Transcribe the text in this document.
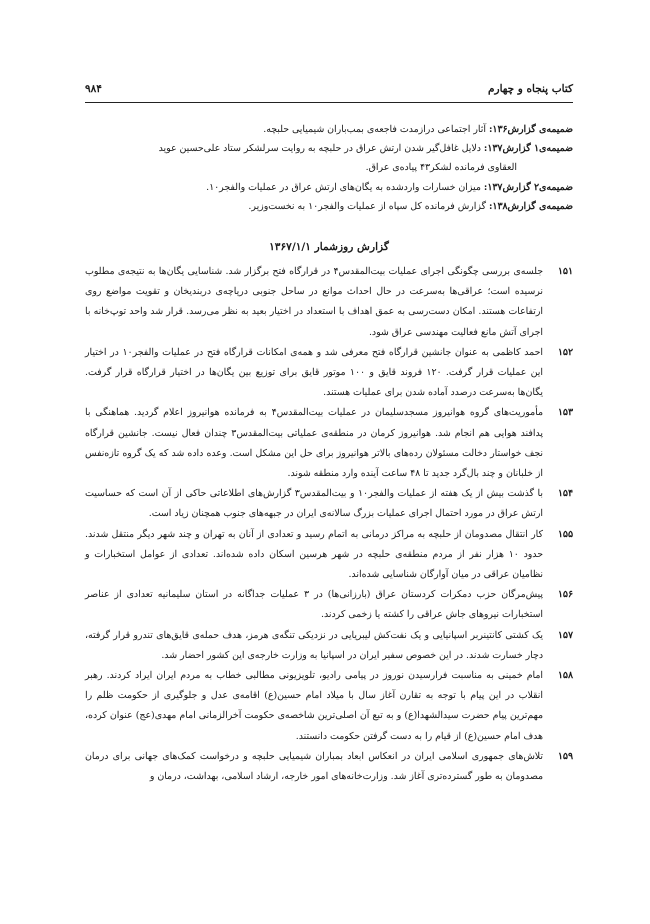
کتاب پنجاه و چهارم
۹۸۴

ضمیمه‌ی گزارش۱۳۶: آثار اجتماعی درازمدت فاجعه‌ی بمب‌باران شیمیایی حلبچه.

ضمیمه‌ی۱ گزارش۱۳۷: دلایل غافل‌گیر شدن ارتش عراق در حلبچه به روایت سرلشکر ستاد علی‌حسین عوید

العقاوی فرمانده لشکر۴۳ پیاده‌ی عراق.

ضمیمه‌ی۲ گزارش۱۳۷: میزان خسارات واردشده به یگان‌های ارتش عراق در عملیات والفجر۱۰.

ضمیمه‌ی گزارش۱۳۸: گزارش فرمانده کل سپاه از عملیات والفجر۱۰ به نخست‌وزیر.

گزارش روزشمار ۱۳۶۷/۱/۱

۱۵۱
جلسه‌ی بررسی چگونگی اجرای عملیات بیت‌المقدس۴ در قرارگاه فتح برگزار شد. شناسایی یگان‌ها به نتیجه‌ی مطلوب نرسیده است؛ عراقی‌ها به‌سرعت در حال احداث موانع در ساحل جنوبی دریاچه‌ی دربندیخان و تقویت مواضع روی ارتفاعات هستند. امکان دست‌رسی به عمق اهداف با استعداد در اختیار بعید به نظر می‌رسد. قرار شد واحد توپ‌خانه با اجرای آتش مانع فعالیت مهندسی عراق شود.

۱۵۲
احمد کاظمی به عنوان جانشین قرارگاه فتح معرفی شد و همه‌ی امکانات قرارگاه فتح در عملیات والفجر۱۰ در اختیار این عملیات قرار گرفت. ۱۲۰ فروند قایق و ۱۰۰ موتور قایق برای توزیع بین یگان‌ها در اختیار قرارگاه قرار گرفت. یگان‌ها به‌سرعت درصدد آماده شدن برای عملیات هستند.

۱۵۳
مأموریت‌های گروه هوانیروز مسجدسلیمان در عملیات بیت‌المقدس۴ به فرمانده هوانیروز اعلام گردید. هماهنگی با پدافند هوایی هم انجام شد. هوانیروز کرمان در منطقه‌ی عملیاتی بیت‌المقدس۳ چندان فعال نیست. جانشین قرارگاه نجف خواستار دخالت مسئولان رده‌های بالاتر هوانیروز برای حل این مشکل است. وعده داده شد که یک گروه تازه‌نفس از خلبانان و چند بال‌گرد جدید تا ۴۸ ساعت آینده وارد منطقه شوند.

۱۵۴
با گذشت بیش از یک هفته از عملیات والفجر۱۰ و بیت‌المقدس۳ گزارش‌های اطلاعاتی حاکی از آن است که حساسیت ارتش عراق در مورد احتمال اجرای عملیات بزرگ سالانه‌ی ایران در جبهه‌های جنوب همچنان زیاد است.

۱۵۵
کار انتقال مصدومان از حلبچه به مراکز درمانی به اتمام رسید و تعدادی از آنان به تهران و چند شهر دیگر منتقل شدند. حدود ۱۰ هزار نفر از مردم منطقه‌ی حلبچه در شهر هرسین اسکان داده شده‌اند. تعدادی از عوامل استخبارات و نظامیان عراقی در میان آوارگان شناسایی شده‌اند.

۱۵۶
پیش‌مرگان حزب دمکرات کردستان عراق (بارزانی‌ها) در ۳ عملیات جداگانه در استان سلیمانیه تعدادی از عناصر استخبارات نیروهای جاش عراقی را کشته یا زخمی کردند.

۱۵۷
یک کشتی کانتینربر اسپانیایی و یک نفت‌کش لیبریایی در نزدیکی تنگه‌ی هرمز، هدف حمله‌ی قایق‌های تندرو قرار گرفته، دچار خسارت شدند. در این خصوص سفیر ایران در اسپانیا به وزارت خارجه‌ی این کشور احضار شد.

۱۵۸
امام خمینی به مناسبت فرارسیدن نوروز در پیامی رادیو، تلویزیونی مطالبی خطاب به مردم ایران ایراد کردند. رهبر انقلاب در این پیام با توجه به تقارن آغاز سال با میلاد امام حسین(ع) اقامه‌ی عدل و جلوگیری از حکومت ظلم را مهم‌ترین پیام حضرت سیدالشهدا(ع) و به تبع آن اصلی‌ترین شاخصه‌ی حکومت آخرالزمانی امام مهدی(عج) عنوان کرده، هدف امام حسین(ع) از قیام را به دست گرفتن حکومت دانستند.

۱۵۹
تلاش‌های جمهوری اسلامی ایران در انعکاس ابعاد بمباران شیمیایی حلبچه و درخواست کمک‌های جهانی برای درمان مصدومان به طور گسترده‌تری آغاز شد. وزارت‌خانه‌های امور خارجه، ارشاد اسلامی، بهداشت، درمان و
